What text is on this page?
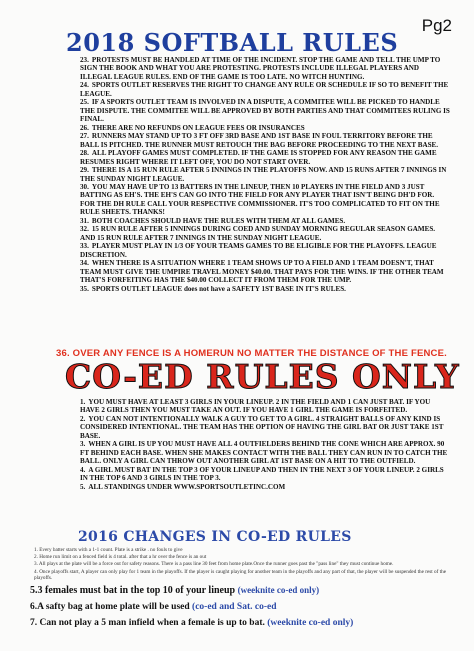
Pg2
2018 SOFTBALL RULES
23. PROTESTS MUST BE HANDLED AT TIME OF THE INCIDENT. STOP THE GAME AND TELL THE UMP TO SIGN THE BOOK AND WHAT YOU ARE PROTESTING. PROTESTS INCLUDE ILLEGAL PLAYERS AND ILLEGAL LEAGUE RULES. END OF THE GAME IS TOO LATE. NO WITCH HUNTING.
24. SPORTS OUTLET RESERVES THE RIGHT TO CHANGE ANY RULE OR SCHEDULE IF SO TO BENEFIT THE LEAGUE.
25. IF A SPORTS OUTLET TEAM IS INVOLVED IN A DISPUTE, A COMMITEE WILL BE PICKED TO HANDLE THE DISPUTE. THE COMMITEE WILL BE APPROVED BY BOTH PARTIES AND THAT COMMITEES RULING IS FINAL.
26. THERE ARE NO REFUNDS ON LEAGUE FEES OR INSURANCES
27. RUNNERS MAY STAND UP TO 3 FT OFF 3RD BASE AND 1ST BASE IN FOUL TERRITORY BEFORE THE BALL IS PITCHED. THE RUNNER MUST RETOUCH THE BAG BEFORE PROCEEDING TO THE NEXT BASE.
28. ALL PLAYOFF GAMES MUST COMPLETED. IF THE GAME IS STOPPED FOR ANY REASON THE GAME RESUMES RIGHT WHERE IT LEFT OFF, YOU DO NOT START OVER.
29. THERE IS A 15 RUN RULE AFTER 5 INNINGS IN THE PLAYOFFS NOW. AND 15 RUNS AFTER 7 INNINGS IN THE SUNDAY NIGHT LEAGUE.
30. YOU MAY HAVE UP TO 13 BATTERS IN THE LINEUP, THEN 10 PLAYERS IN THE FIELD AND 3 JUST BATTING AS EH'S. THE EH'S CAN GO INTO THE FIELD FOR ANY PLAYER THAT ISN'T BEING DH'D FOR. FOR THE DH RULE CALL YOUR RESPECTIVE COMMISSIONER. IT'S TOO COMPLICATED TO FIT ON THE RULE SHEETS. THANKS!
31. BOTH COACHES SHOULD HAVE THE RULES WITH THEM AT ALL GAMES.
32. 15 RUN RULE AFTER 5 INNINGS DURING COED AND SUNDAY MORNING REGULAR SEASON GAMES. AND 15 RUN RULE AFTER 7 INNINGS IN THE SUNDAY NIGHT LEAGUE.
33. PLAYER MUST PLAY IN 1/3 OF YOUR TEAMS GAMES TO BE ELIGIBLE FOR THE PLAYOFFS. LEAGUE DISCRETION.
34. WHEN THERE IS A SITUATION WHERE 1 TEAM SHOWS UP TO A FIELD AND 1 TEAM DOESN'T, THAT TEAM MUST GIVE THE UMPIRE TRAVEL MONEY $40.00. THAT PAYS FOR THE WINS. IF THE OTHER TEAM THAT'S FORFEITING HAS THE $40.00 COLLECT IT FROM THEM FOR THE UMP.
35. SPORTS OUTLET LEAGUE does not have a SAFETY 1ST BASE IN IT'S RULES.
36. OVER ANY FENCE IS A HOMERUN NO MATTER THE DISTANCE OF THE FENCE.
CO-ED RULES ONLY
1. YOU MUST HAVE AT LEAST 3 GIRLS IN YOUR LINEUP. 2 IN THE FIELD AND 1 CAN JUST BAT. IF YOU HAVE 2 GIRLS THEN YOU MUST TAKE AN OUT. IF YOU HAVE 1 GIRL THE GAME IS FORFEITED.
2. YOU CAN NOT INTENTIONALLY WALK A GUY TO GET TO A GIRL. 4 STRAIGHT BALLS OF ANY KIND IS CONSIDERED INTENTIONAL. THE TEAM HAS THE OPTION OF HAVING THE GIRL BAT OR JUST TAKE 1ST BASE.
3. WHEN A GIRL IS UP YOU MUST HAVE ALL 4 OUTFIELDERS BEHIND THE CONE WHICH ARE APPROX. 90 FT BEHIND EACH BASE. WHEN SHE MAKES CONTACT WITH THE BALL THEY CAN RUN IN TO CATCH THE BALL. ONLY A GIRL CAN THROW OUT ANOTHER GIRL AT 1ST BASE ON A HIT TO THE OUTFIELD.
4. A GIRL MUST BAT IN THE TOP 3 OF YOUR LINEUP AND THEN IN THE NEXT 3 OF YOUR LINEUP. 2 GIRLS IN THE TOP 6 AND 3 GIRLS IN THE TOP 3.
5. ALL STANDINGS UNDER WWW.SPORTSOUTLETINC.COM
2016 CHANGES IN CO-ED RULES
1. Every batter starts with a 1-1 count. Plate is a strike . no fouls to give
2. Home run limit on a fenced field is 4 total. after that a hr over the fence is an out
3. All plays at the plate will be a force out for safety reasons. There is a pass line 30 feet from home plate.Once the runner goes past the "pass line" they must continue home.
4. Once playoffs start, A player can only play for 1 team in the playoffs. If the player is caught playing for another team in the playoffs and any part of that, the player will be suspended the rest of the playoffs.
5.3 females must bat in the top 10 of your lineup (weeknite co-ed only)
6.A safty bag at home plate will be used (co-ed and Sat. co-ed
7. Can not play a 5 man infield when a female is up to bat. (weeknite co-ed only)
